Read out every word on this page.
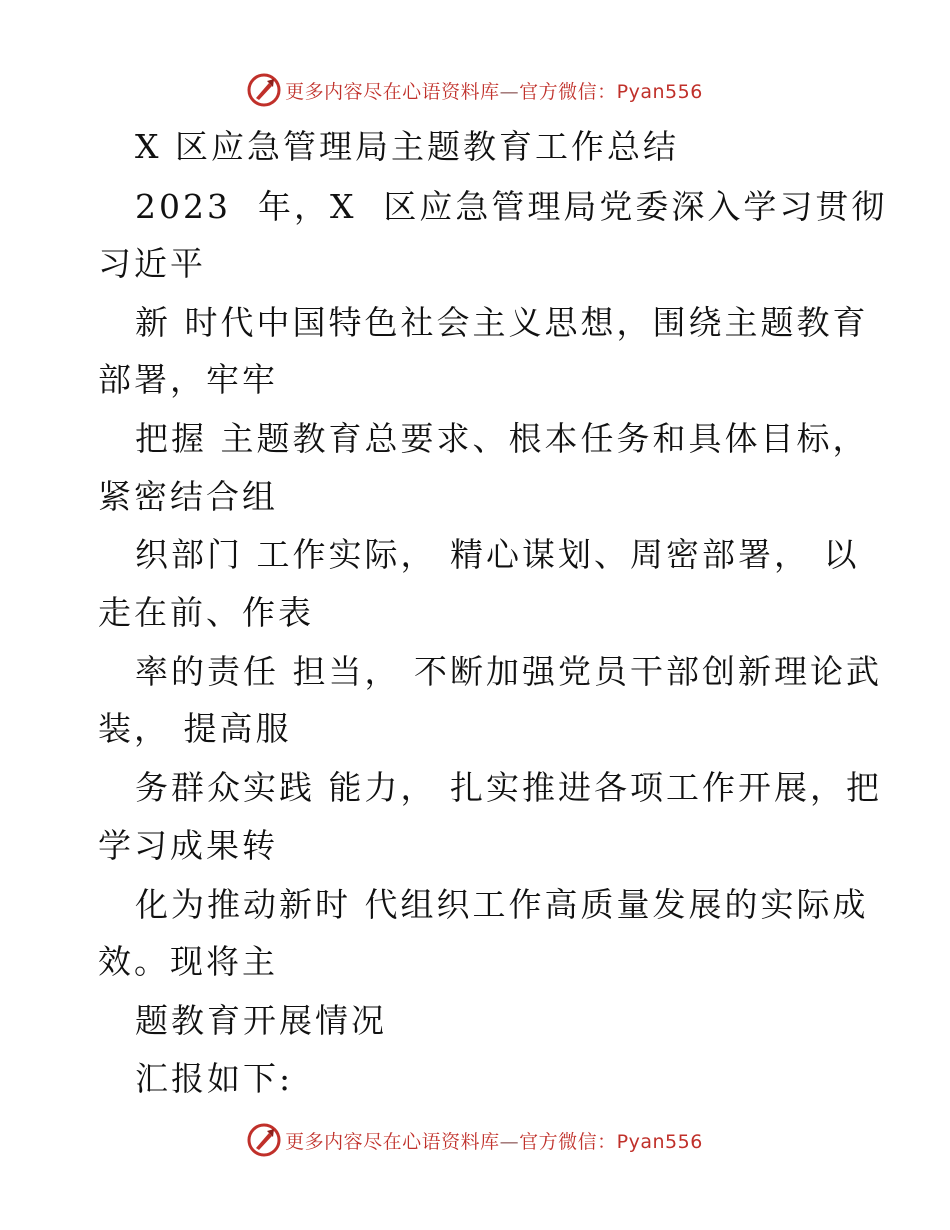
更多内容尽在心语资料库—官方微信：Pyan556
X 区应急管理局主题教育工作总结
2023  年，X  区应急管理局党委深入学习贯彻
习近平
新 时代中国特色社会主义思想，围绕主题教育
部署，牢牢
把握 主题教育总要求、根本任务和具体目标，
紧密结合组
织部门 工作实际， 精心谋划、周密部署， 以
走在前、作表
率的责任 担当， 不断加强党员干部创新理论武
装， 提高服
务群众实践 能力， 扎实推进各项工作开展，把
学习成果转
化为推动新时 代组织工作高质量发展的实际成
效。现将主
题教育开展情况
汇报如下:
更多内容尽在心语资料库—官方微信：Pyan556
